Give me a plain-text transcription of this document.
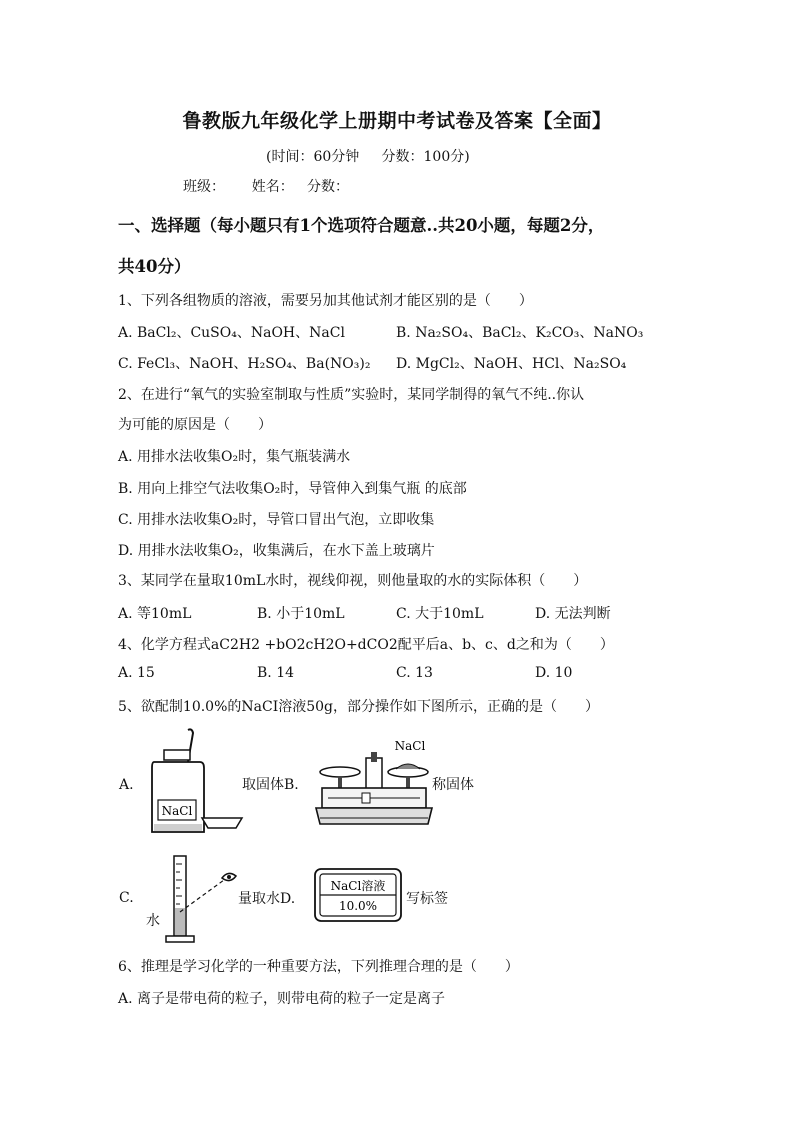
鲁教版九年级化学上册期中考试卷及答案【全面】
(时间：60分钟     分数：100分)
班级：      姓名：   分数：
一、选择题（每小题只有1个选项符合题意..共20小题，每题2分，
共40分）
1、下列各组物质的溶液，需要另加其他试剂才能区别的是（　　）
A. BaCl₂、CuSO₄、NaOH、NaCl	B. Na₂SO₄、BaCl₂、K₂CO₃、NaNO₃
C. FeCl₃、NaOH、H₂SO₄、Ba(NO₃)₂ D. MgCl₂、NaOH、HCl、Na₂SO₄
2、在进行“氧气的实验室制取与性质”实验时，某同学制得的氧气不纯..你认
为可能的原因是（　　）
A. 用排水法收集O₂时，集气瓶装满水
B. 用向上排空气法收集O₂时，导管伸入到集气瓶 的底部
C. 用排水法收集O₂时，导管口冒出气泡，立即收集
D. 用排水法收集O₂，收集满后，在水下盖上玻璃片
3、某同学在量取10mL水时，视线仰视，则他量取的水的实际体积（　　）
A. 等10mL	B. 小于10mL	C. 大于10mL	D. 无法判断
4、化学方程式aC2H2 +bO2cH2O+dCO2配平后a、b、c、d之和为（　　）
A. 15	B. 14	C. 13	D. 10
5、欲配制10.0%的NaCI溶液50g，部分操作如下图所示，正确的是（　　）
A.
NaCl
取固体B.
NaCl
称固体
C.
水
量取水D.
NaCl溶液
10.0% 写标签
6、推理是学习化学的一种重要方法，下列推理合理的是（　　）
A. 离子是带电荷的粒子，则带电荷的粒子一定是离子
